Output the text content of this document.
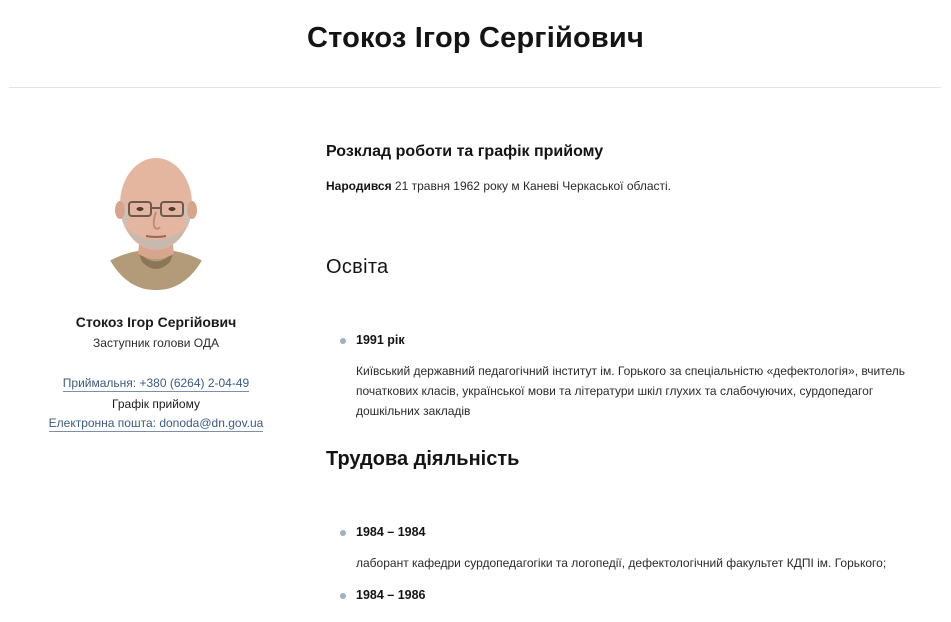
Стокоз Ігор Сергійович
Стокоз Ігор Сергійович
Заступник голови ОДА
Приймальня: +380 (6264) 2-04-49
Графік прийому
Електронна пошта: donoda@dn.gov.ua
Розклад роботи та графік прийому
Народився 21 травня 1962 року м Каневі Черкаської області.
Освіта
1991 рік
Київський державний педагогічний інститут ім. Горького за спеціальністю «дефектологія», вчитель початкових класів, української мови та літератури шкіл глухих та слабочуючих, сурдопедагог дошкільних закладів
Трудова діяльність
1984 – 1984
лаборант кафедри сурдопедагогіки та логопедії, дефектологічний факультет КДПІ ім. Горького;
1984 – 1986
